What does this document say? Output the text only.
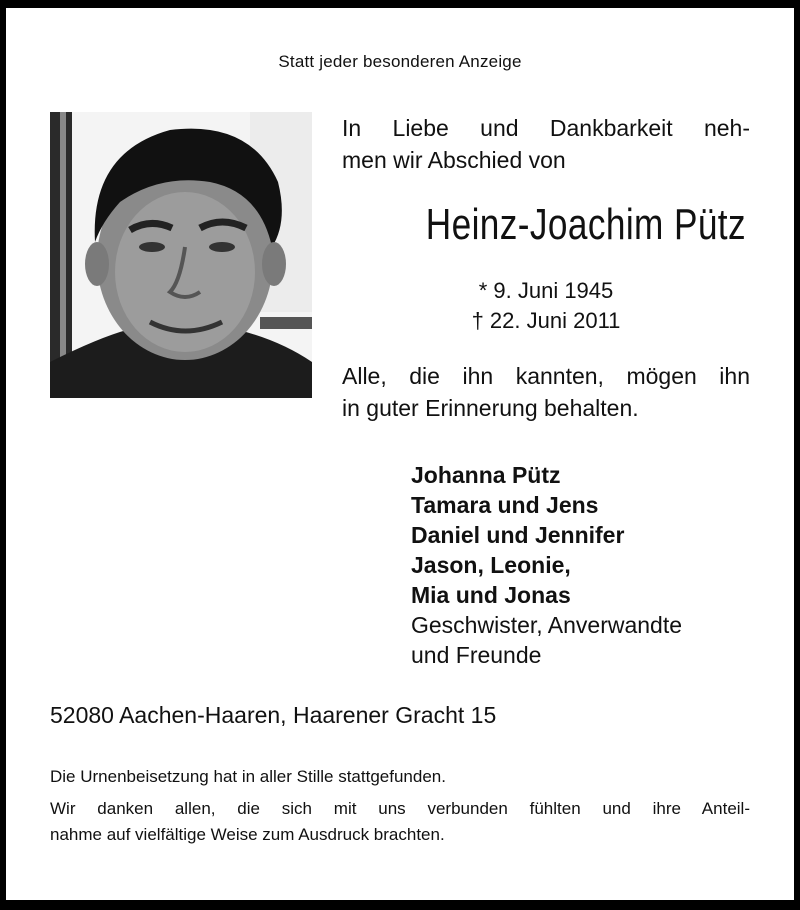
Statt jeder besonderen Anzeige
In Liebe und Dankbarkeit neh-
men wir Abschied von
Heinz-Joachim Pütz
* 9. Juni 1945
† 22. Juni 2011
Alle, die ihn kannten, mögen ihn
in guter Erinnerung behalten.
Johanna Pütz
Tamara und Jens
Daniel und Jennifer
Jason, Leonie,
Mia und Jonas
Geschwister, Anverwandte
und Freunde
52080 Aachen-Haaren, Haarener Gracht 15
Die Urnenbeisetzung hat in aller Stille stattgefunden.
Wir danken allen, die sich mit uns verbunden fühlten und ihre Anteil-
nahme auf vielfältige Weise zum Ausdruck brachten.
